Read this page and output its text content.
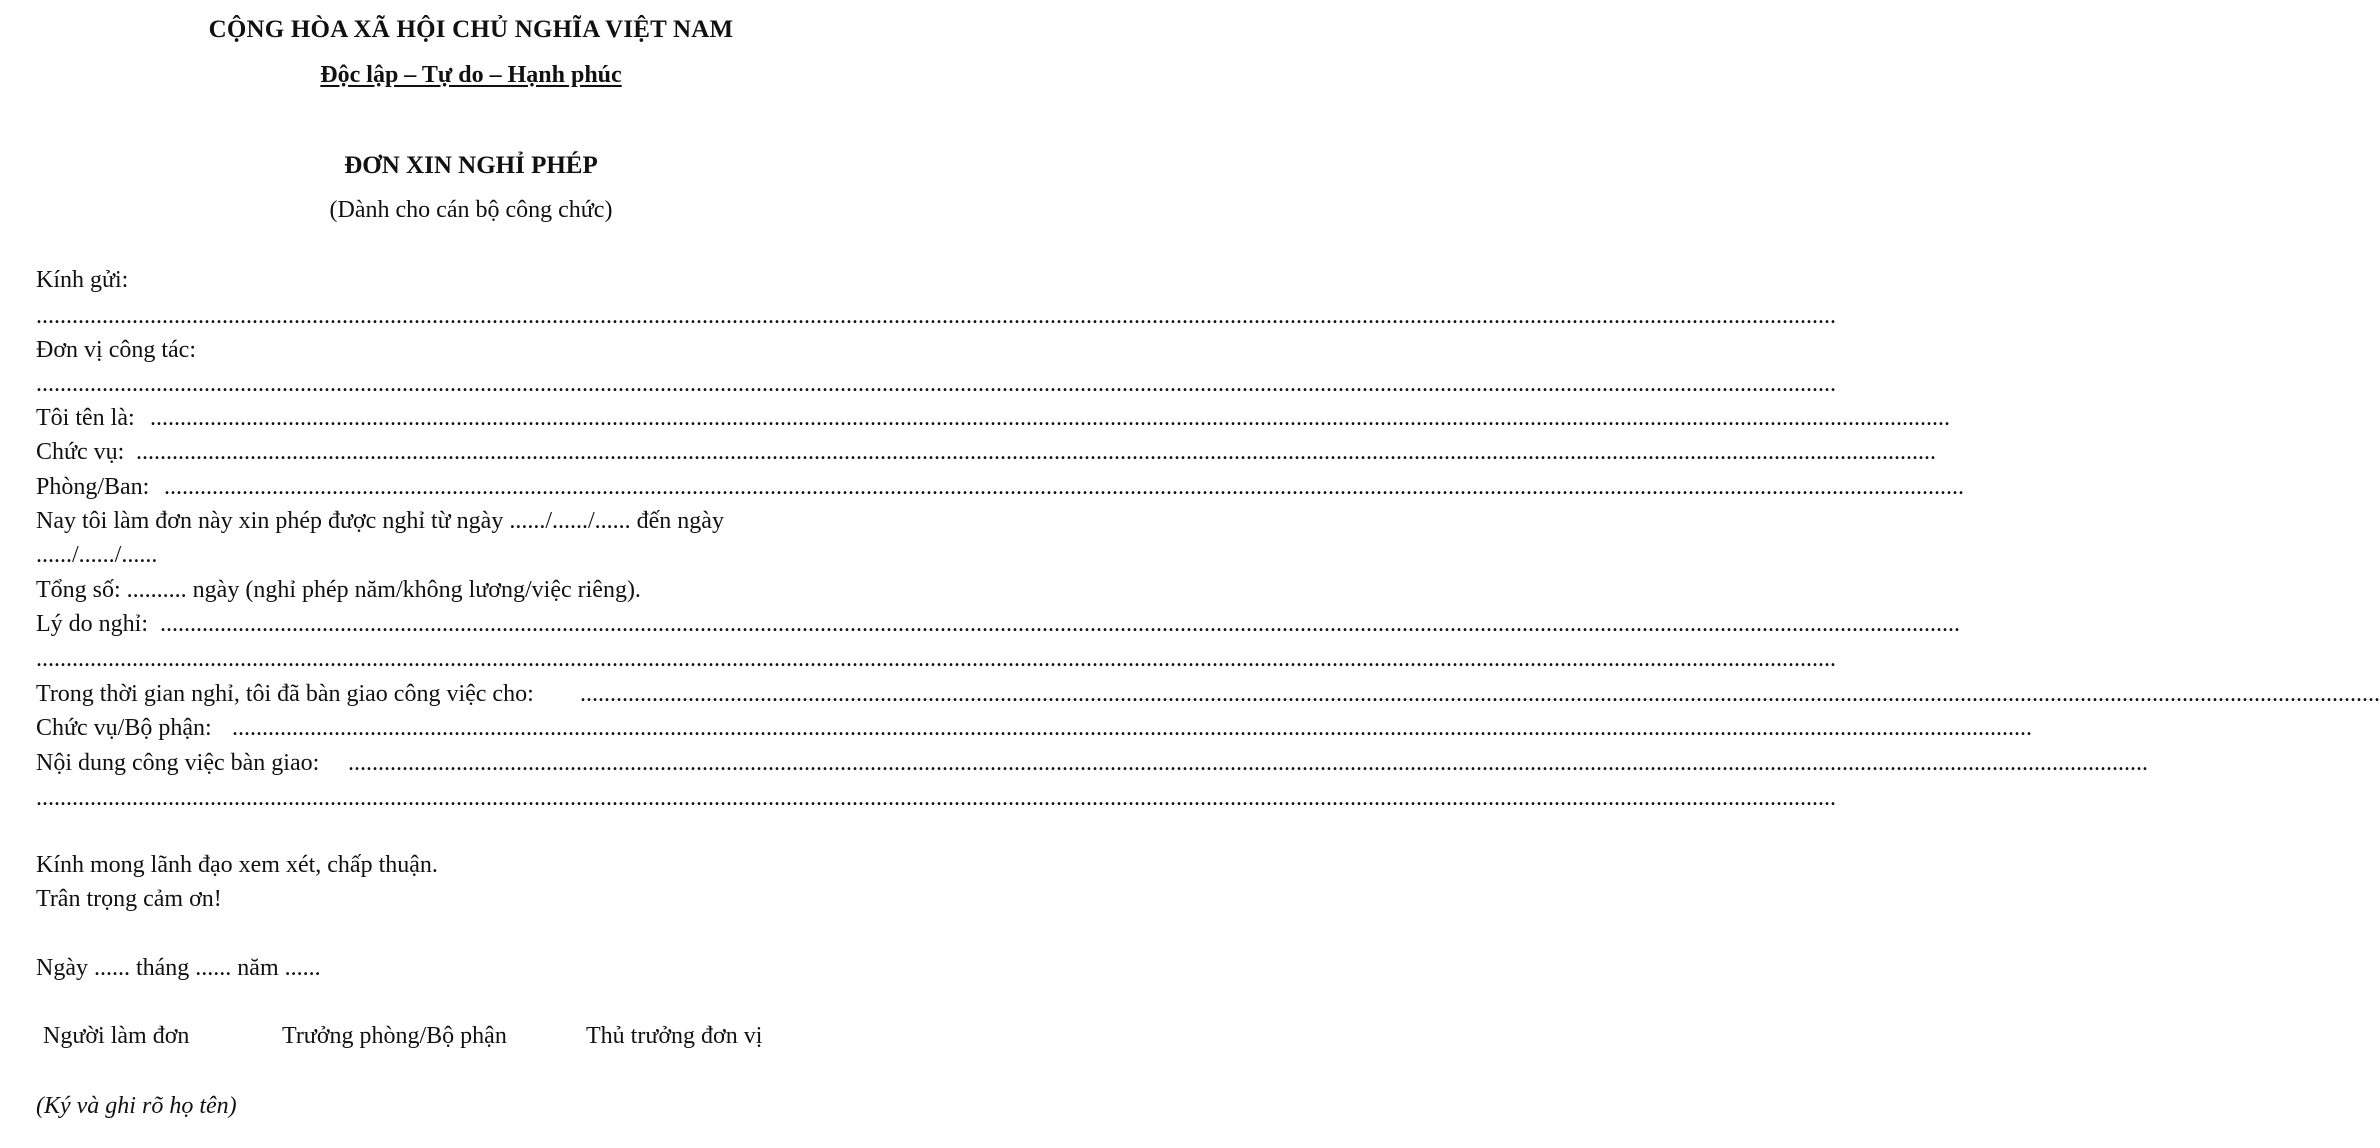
CỘNG HÒA XÃ HỘI CHỦ NGHĨA VIỆT NAM
Độc lập – Tự do – Hạnh phúc
ĐƠN XIN NGHỈ PHÉP
(Dành cho cán bộ công chức)
Kính gửi:
............................................................................................................................................................................................................................................................................................................
Đơn vị công tác:
............................................................................................................................................................................................................................................................................................................
Tôi tên là: ............................................................................................................................................................................................................................................................................................................
Chức vụ: ............................................................................................................................................................................................................................................................................................................
Phòng/Ban: ............................................................................................................................................................................................................................................................................................................
Nay tôi làm đơn này xin phép được nghỉ từ ngày ....../....../...... đến ngày
....../....../......
Tổng số: .......... ngày (nghỉ phép năm/không lương/việc riêng).
Lý do nghỉ: ............................................................................................................................................................................................................................................................................................................
............................................................................................................................................................................................................................................................................................................
Trong thời gian nghỉ, tôi đã bàn giao công việc cho: ............................................................................................................................................................................................................................................................................................................
Chức vụ/Bộ phận: ............................................................................................................................................................................................................................................................................................................
Nội dung công việc bàn giao: ............................................................................................................................................................................................................................................................................................................
............................................................................................................................................................................................................................................................................................................
Kính mong lãnh đạo xem xét, chấp thuận.
Trân trọng cảm ơn!
Ngày ...... tháng ...... năm ......
Người làm đơn	Trưởng phòng/Bộ phận	Thủ trưởng đơn vị
(Ký và ghi rõ họ tên)
